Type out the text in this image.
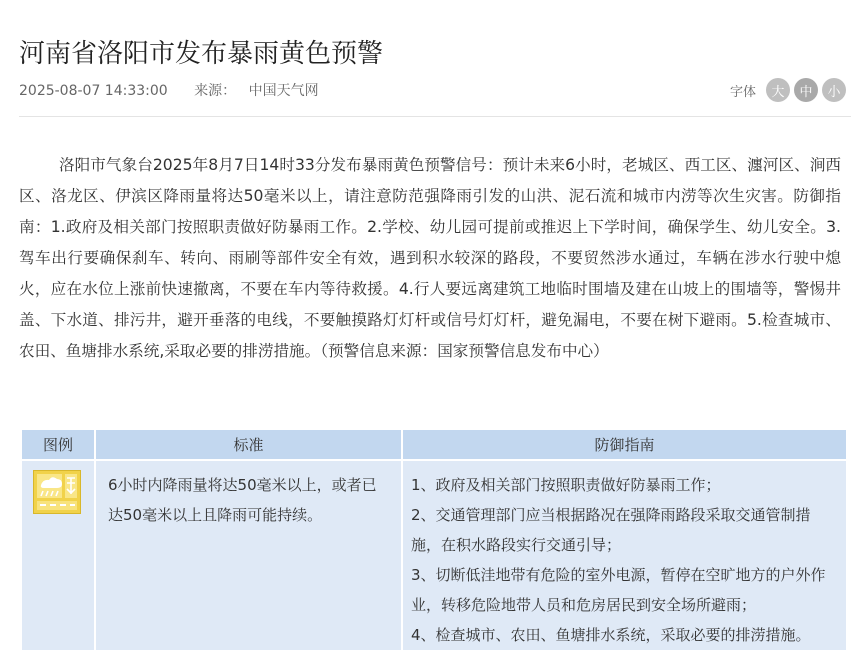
河南省洛阳市发布暴雨黄色预警
2025-08-07 14:33:00 来源： 中国天气网	字体	大	中	小

洛阳市气象台2025年8月7日14时33分发布暴雨黄色预警信号：预计未来6小时，老城区、西工区、瀍河区、涧西区、洛龙区、伊滨区降雨量将达50毫米以上，请注意防范强降雨引发的山洪、泥石流和城市内涝等次生灾害。防御指南：1.政府及相关部门按照职责做好防暴雨工作。2.学校、幼儿园可提前或推迟上下学时间，确保学生、幼儿安全。3.驾车出行要确保刹车、转向、雨刷等部件安全有效，遇到积水较深的路段，不要贸然涉水通过，车辆在涉水行驶中熄火，应在水位上涨前快速撤离，不要在车内等待救援。4.行人要远离建筑工地临时围墙及建在山坡上的围墙等，警惕井盖、下水道、排污井，避开垂落的电线，不要触摸路灯灯杆或信号灯灯杆，避免漏电，不要在树下避雨。5.检查城市、农田、鱼塘排水系统,采取必要的排涝措施。（预警信息来源：国家预警信息发布中心）

图例	标准	防御指南

	6小时内降雨量将达50毫米以上，或者已达50毫米以上且降雨可能持续。	1、政府及相关部门按照职责做好防暴雨工作；

2、交通管理部门应当根据路况在强降雨路段采取交通管制措施，在积水路段实行交通引导；

3、切断低洼地带有危险的室外电源，暂停在空旷地方的户外作业，转移危险地带人员和危房居民到安全场所避雨；

4、检查城市、农田、鱼塘排水系统，采取必要的排涝措施。
